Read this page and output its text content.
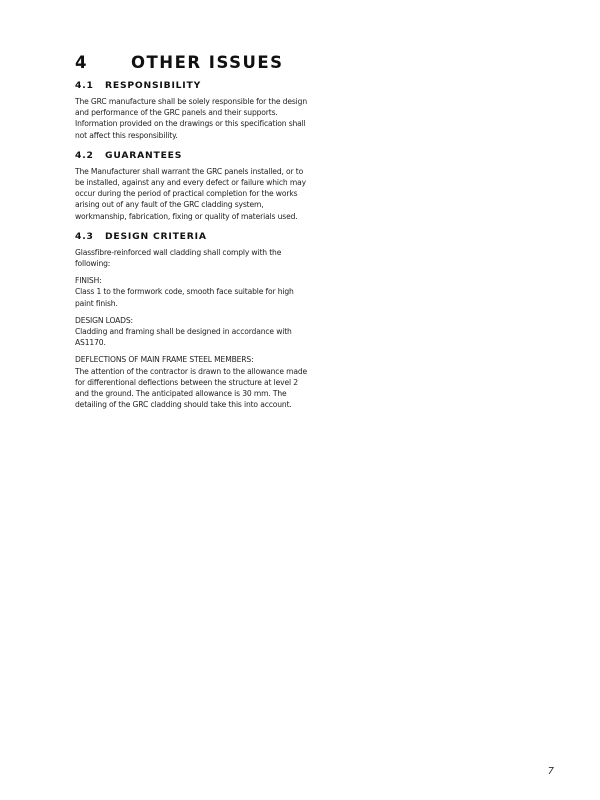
4	OTHER ISSUES
4.1	RESPONSIBILITY

The GRC manufacture shall be solely responsible for the design and performance of the GRC panels and their supports. Information provided on the drawings or this specification shall not affect this responsibility.

4.2	GUARANTEES

The Manufacturer shall warrant the GRC panels installed, or to be installed, against any and every defect or failure which may occur during the period of practical completion for the works arising out of any fault of the GRC cladding system, workmanship, fabrication, fixing or quality of materials used.

4.3	DESIGN CRITERIA

Glassfibre-reinforced wall cladding shall comply with the following:

FINISH:

Class 1 to the formwork code, smooth face suitable for high paint finish.

DESIGN LOADS:

Cladding and framing shall be designed in accordance with AS1170.

DEFLECTIONS OF MAIN FRAME STEEL MEMBERS:

The attention of the contractor is drawn to the allowance made for differentional deflections between the structure at level 2 and the ground. The anticipated allowance is 30 mm. The detailing of the GRC cladding should take this into account.

7
